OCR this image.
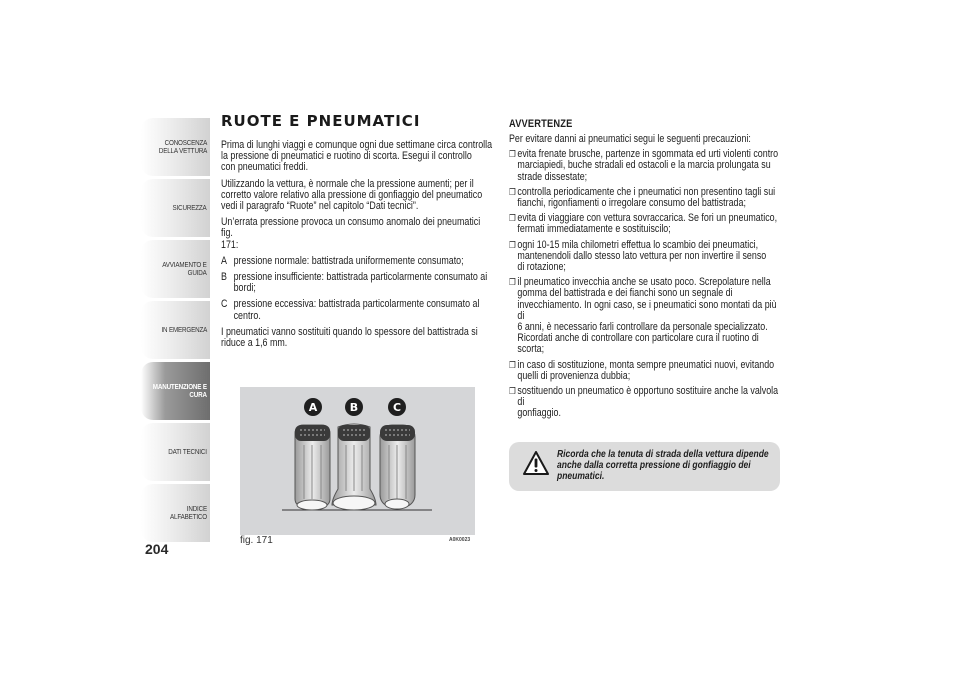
CONOSCENZA
DELLA VETTURA
SICUREZZA
AVVIAMENTO E
GUIDA
IN EMERGENZA
MANUTENZIONE E
CURA
DATI TECNICI
INDICE ALFABETICO
204
RUOTE E PNEUMATICI
Prima di lunghi viaggi e comunque ogni due settimane circa controlla
la pressione di pneumatici e ruotino di scorta. Esegui il controllo
con pneumatici freddi.
Utilizzando la vettura, è normale che la pressione aumenti; per il
corretto valore relativo alla pressione di gonfiaggio del pneumatico
vedi il paragrafo “Ruote” nel capitolo “Dati tecnici”.
Un’errata pressione provoca un consumo anomalo dei pneumatici fig.
171:
A pressione normale: battistrada uniformemente consumato;
B pressione insufficiente: battistrada particolarmente consumato ai
bordi;
C pressione eccessiva: battistrada particolarmente consumato al
centro.
I pneumatici vanno sostituiti quando lo spessore del battistrada si
riduce a 1,6 mm.
A	B	C
fig. 171	A0K0023
AVVERTENZE
Per evitare danni ai pneumatici segui le seguenti precauzioni:
❒ evita frenate brusche, partenze in sgommata ed urti violenti contro
marciapiedi, buche stradali ed ostacoli e la marcia prolungata su
strade dissestate;
❒ controlla periodicamente che i pneumatici non presentino tagli sui
fianchi, rigonfiamenti o irregolare consumo del battistrada;
❒ evita di viaggiare con vettura sovraccarica. Se fori un pneumatico,
fermati immediatamente e sostituiscilo;
❒ ogni 10-15 mila chilometri effettua lo scambio dei pneumatici,
mantenendoli dallo stesso lato vettura per non invertire il senso
di rotazione;
❒ il pneumatico invecchia anche se usato poco. Screpolature nella
gomma del battistrada e dei fianchi sono un segnale di
invecchiamento. In ogni caso, se i pneumatici sono montati da più di
6 anni, è necessario farli controllare da personale specializzato.
Ricordati anche di controllare con particolare cura il ruotino di
scorta;
❒ in caso di sostituzione, monta sempre pneumatici nuovi, evitando
quelli di provenienza dubbia;
❒ sostituendo un pneumatico è opportuno sostituire anche la valvola di
gonfiaggio.
Ricorda che la tenuta di strada della vettura dipende
anche dalla corretta pressione di gonfiaggio dei
pneumatici.
